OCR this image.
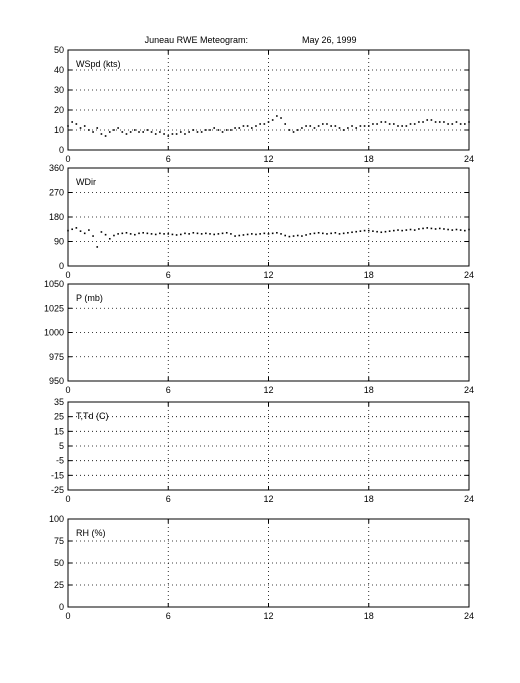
Juneau RWE Meteogram:	May 26, 1999
0	6	12	18	24
0
10
20
30
40
50
WSpd (kts)
0	6	12	18	24
0
90
180
270
360
WDir
0	6	12	18	24
950
975
1000
1025
1050
P (mb)
0	6	12	18	24
-25
-15
-5
5
15
25
35
T,Td (C)
0	6	12	18	24
0
25
50
75
100
RH (%)
